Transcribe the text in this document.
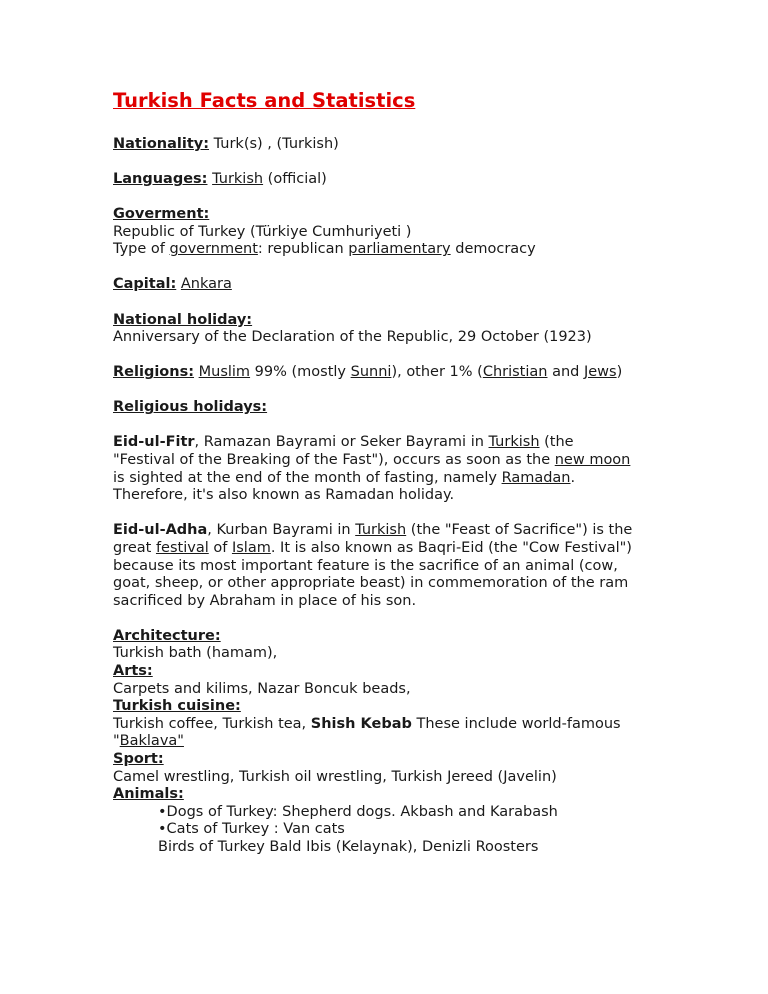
Turkish Facts and Statistics
Nationality: Turk(s) , (Turkish)
Languages: Turkish (official)
Goverment:
Republic of Turkey (Türkiye Cumhuriyeti )
Type of government: republican parliamentary democracy
Capital: Ankara
National holiday:
Anniversary of the Declaration of the Republic, 29 October (1923)
Religions: Muslim 99% (mostly Sunni), other 1% (Christian and Jews)
Religious holidays:
Eid-ul-Fitr, Ramazan Bayrami or Seker Bayrami in Turkish (the
"Festival of the Breaking of the Fast"), occurs as soon as the new moon
is sighted at the end of the month of fasting, namely Ramadan.
Therefore, it's also known as Ramadan holiday.
Eid-ul-Adha, Kurban Bayrami in Turkish (the "Feast of Sacrifice") is the
great festival of Islam. It is also known as Baqri-Eid (the "Cow Festival")
because its most important feature is the sacrifice of an animal (cow,
goat, sheep, or other appropriate beast) in commemoration of the ram
sacrificed by Abraham in place of his son.
Architecture:
Turkish bath (hamam),
Arts:
Carpets and kilims, Nazar Boncuk beads,
Turkish cuisine:
Turkish coffee, Turkish tea, Shish Kebab These include world-famous
"Baklava"
Sport:
Camel wrestling, Turkish oil wrestling, Turkish Jereed (Javelin)
Animals:
•Dogs of Turkey: Shepherd dogs. Akbash and Karabash
•Cats of Turkey : Van cats
Birds of Turkey Bald Ibis (Kelaynak), Denizli Roosters
